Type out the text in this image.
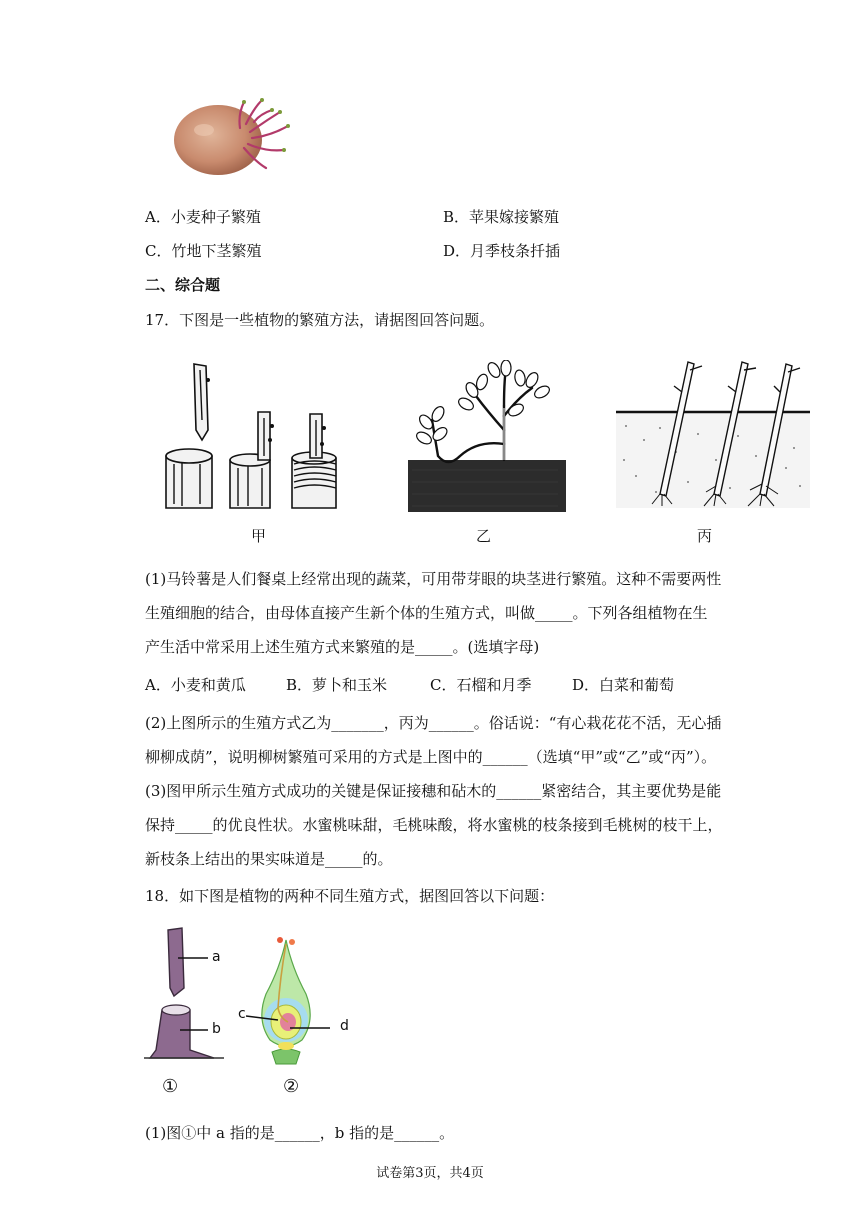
A．小麦种子繁殖	B．苹果嫁接繁殖
C．竹地下茎繁殖	D．月季枝条扦插
二、综合题
17．下图是一些植物的繁殖方法，请据图回答问题。
甲	乙	丙
(1)马铃薯是人们餐桌上经常出现的蔬菜，可用带芽眼的块茎进行繁殖。这种不需要两性
生殖细胞的结合，由母体直接产生新个体的生殖方式，叫做_____。下列各组植物在生
产生活中常采用上述生殖方式来繁殖的是_____。(选填字母)
A．小麦和黄瓜	B．萝卜和玉米	C．石榴和月季	D．白菜和葡萄
(2)上图所示的生殖方式乙为_______，丙为______。俗话说：“有心栽花花不活，无心插
柳柳成荫”，说明柳树繁殖可采用的方式是上图中的______（选填“甲”或“乙”或“丙”）。
(3)图甲所示生殖方式成功的关键是保证接穗和砧木的______紧密结合，其主要优势是能
保持_____的优良性状。水蜜桃味甜，毛桃味酸，将水蜜桃的枝条接到毛桃树的枝干上，
新枝条上结出的果实味道是_____的。
18．如下图是植物的两种不同生殖方式，据图回答以下问题：
a
b
①
c
d
②
(1)图①中 a 指的是______，b 指的是______。
试卷第3页，共4页
